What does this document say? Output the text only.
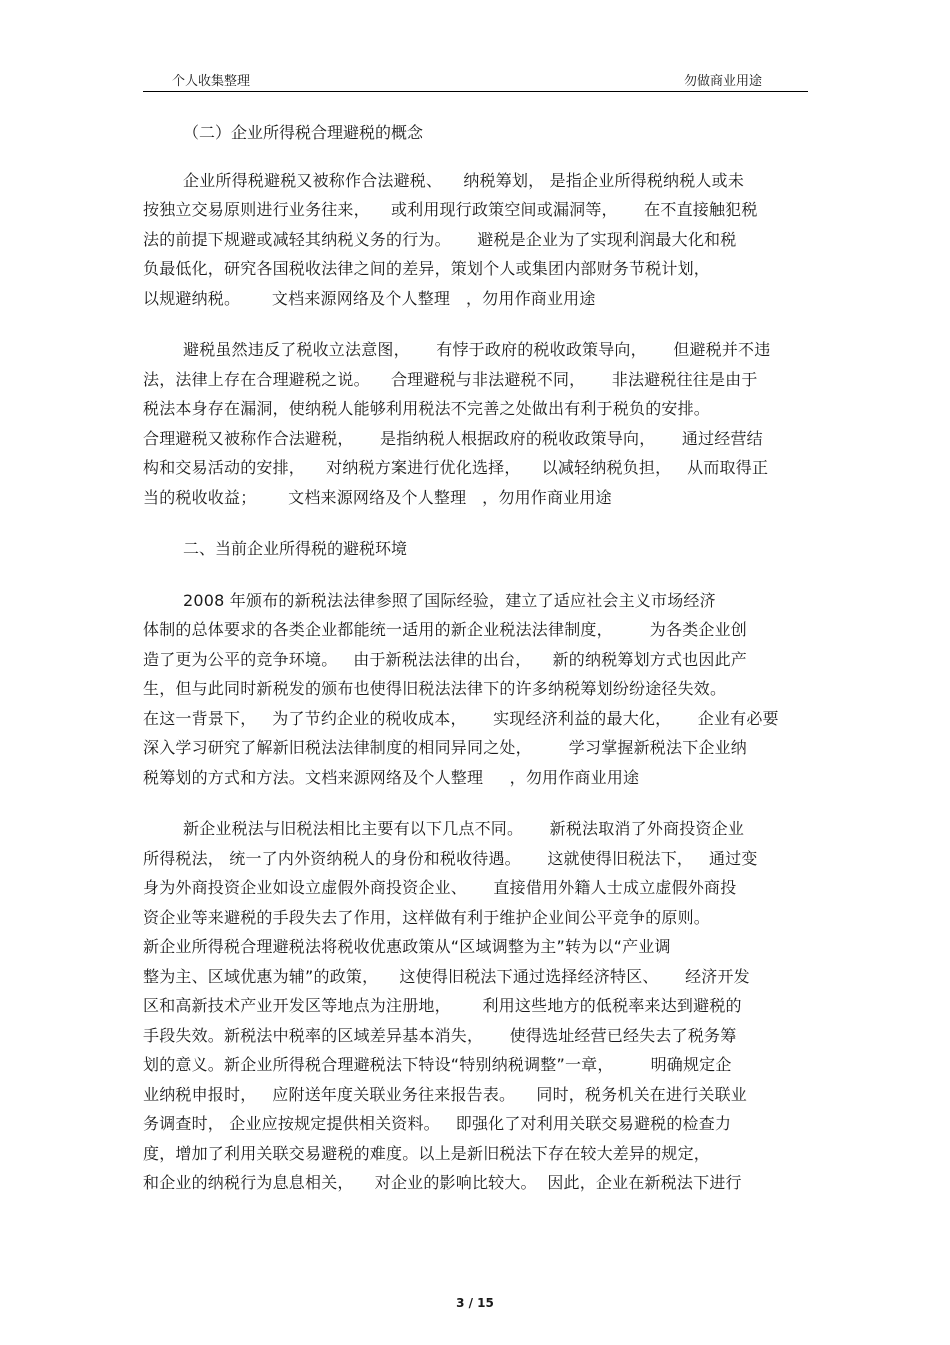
个人收集整理	勿做商业用途
（二）企业所得税合理避税的概念
企业所得税避税又被称作合法避税、    纳税筹划， 是指企业所得税纳税人或未
按独立交易原则进行业务往来，    或利用现行政策空间或漏洞等，     在不直接触犯税
法的前提下规避或减轻其纳税义务的行为。     避税是企业为了实现利润最大化和税
负最低化，研究各国税收法律之间的差异，策划个人或集团内部财务节税计划，
以规避纳税。      文档来源网络及个人整理   ，勿用作商业用途
避税虽然违反了税收立法意图，     有悖于政府的税收政策导向，     但避税并不违
法，法律上存在合理避税之说。    合理避税与非法避税不同，     非法避税往往是由于
税法本身存在漏洞，使纳税人能够利用税法不完善之处做出有利于税负的安排。
合理避税又被称作合法避税，     是指纳税人根据政府的税收政策导向，     通过经营结
构和交易活动的安排，    对纳税方案进行优化选择，    以减轻纳税负担，   从而取得正
当的税收收益；      文档来源网络及个人整理   ，勿用作商业用途
二、当前企业所得税的避税环境
2008 年颁布的新税法法律参照了国际经验，建立了适应社会主义市场经济
体制的总体要求的各类企业都能统一适用的新企业税法法律制度，       为各类企业创
造了更为公平的竞争环境。   由于新税法法律的出台，    新的纳税筹划方式也因此产
生，但与此同时新税发的颁布也使得旧税法法律下的许多纳税筹划纷纷途径失效。
在这一背景下，   为了节约企业的税收成本，     实现经济利益的最大化，     企业有必要
深入学习研究了解新旧税法法律制度的相同异同之处，       学习掌握新税法下企业纳
税筹划的方式和方法。文档来源网络及个人整理     ，勿用作商业用途
新企业税法与旧税法相比主要有以下几点不同。     新税法取消了外商投资企业
所得税法， 统一了内外资纳税人的身份和税收待遇。     这就使得旧税法下，   通过变
身为外商投资企业如设立虚假外商投资企业、     直接借用外籍人士成立虚假外商投
资企业等来避税的手段失去了作用，这样做有利于维护企业间公平竞争的原则。
新企业所得税合理避税法将税收优惠政策从“区域调整为主”转为以“产业调
整为主、区域优惠为辅”的政策，    这使得旧税法下通过选择经济特区、     经济开发
区和高新技术产业开发区等地点为注册地，      利用这些地方的低税率来达到避税的
手段失效。新税法中税率的区域差异基本消失，     使得选址经营已经失去了税务筹
划的意义。新企业所得税合理避税法下特设“特别纳税调整”一章，       明确规定企
业纳税申报时，   应附送年度关联业务往来报告表。    同时，税务机关在进行关联业
务调查时， 企业应按规定提供相关资料。   即强化了对利用关联交易避税的检查力
度，增加了利用关联交易避税的难度。以上是新旧税法下存在较大差异的规定，
和企业的纳税行为息息相关，    对企业的影响比较大。  因此，企业在新税法下进行
3 / 15
